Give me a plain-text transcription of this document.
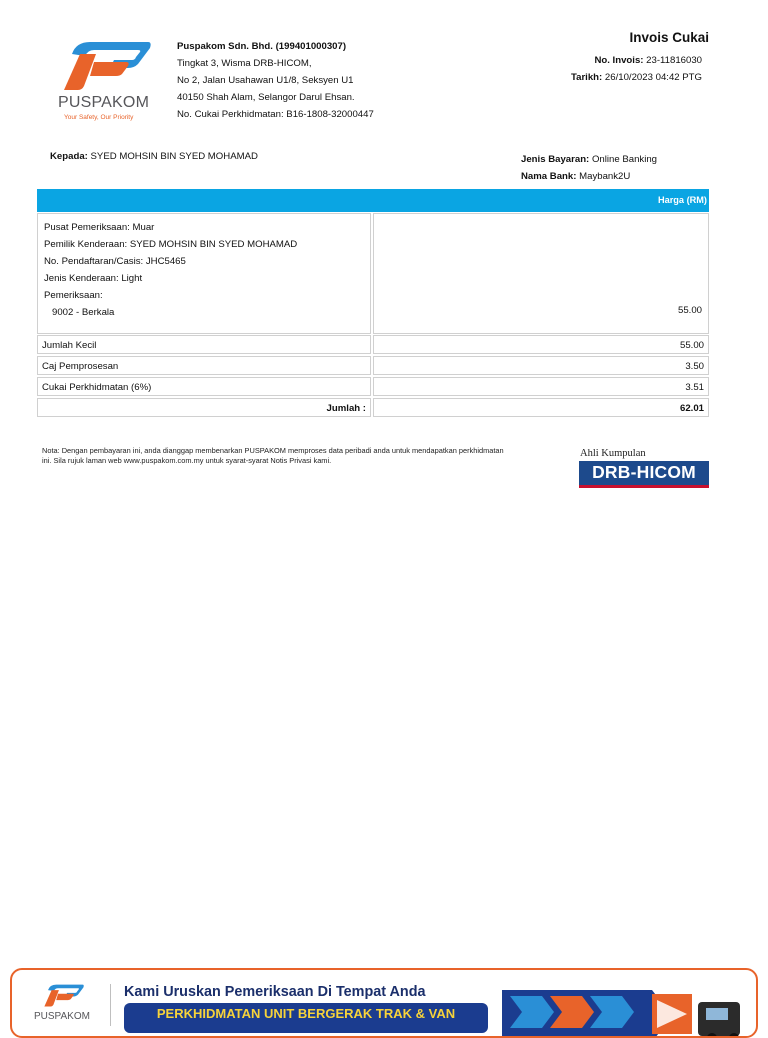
PUSPAKOM
Your Safety, Our Priority
Puspakom Sdn. Bhd. (199401000307)
Tingkat 3, Wisma DRB-HICOM,
No 2, Jalan Usahawan U1/8, Seksyen U1
40150 Shah Alam, Selangor Darul Ehsan.
No. Cukai Perkhidmatan: B16-1808-32000447
Invois Cukai
No. Invois: 23-11816030
Tarikh: 26/10/2023 04:42 PTG
Kepada: SYED MOHSIN BIN SYED MOHAMAD	Jenis Bayaran: Online Banking
Nama Bank: Maybank2U
Harga (RM)
Pusat Pemeriksaan: Muar
Pemilik Kenderaan: SYED MOHSIN BIN SYED MOHAMAD
No. Pendaftaran/Casis: JHC5465
Jenis Kenderaan: Light
Pemeriksaan:
9002 - Berkala	55.00
Jumlah Kecil	55.00
Caj Pemprosesan	3.50
Cukai Perkhidmatan (6%)	3.51
Jumlah :	62.01
Nota: Dengan pembayaran ini, anda dianggap membenarkan PUSPAKOM memproses data peribadi anda untuk mendapatkan perkhidmatan ini. Sila rujuk laman web www.puspakom.com.my untuk syarat-syarat Notis Privasi kami.
Ahli Kumpulan
DRB-HICOM
PUSPAKOM
Kami Uruskan Pemeriksaan Di Tempat Anda
PERKHIDMATAN UNIT BERGERAK TRAK & VAN
